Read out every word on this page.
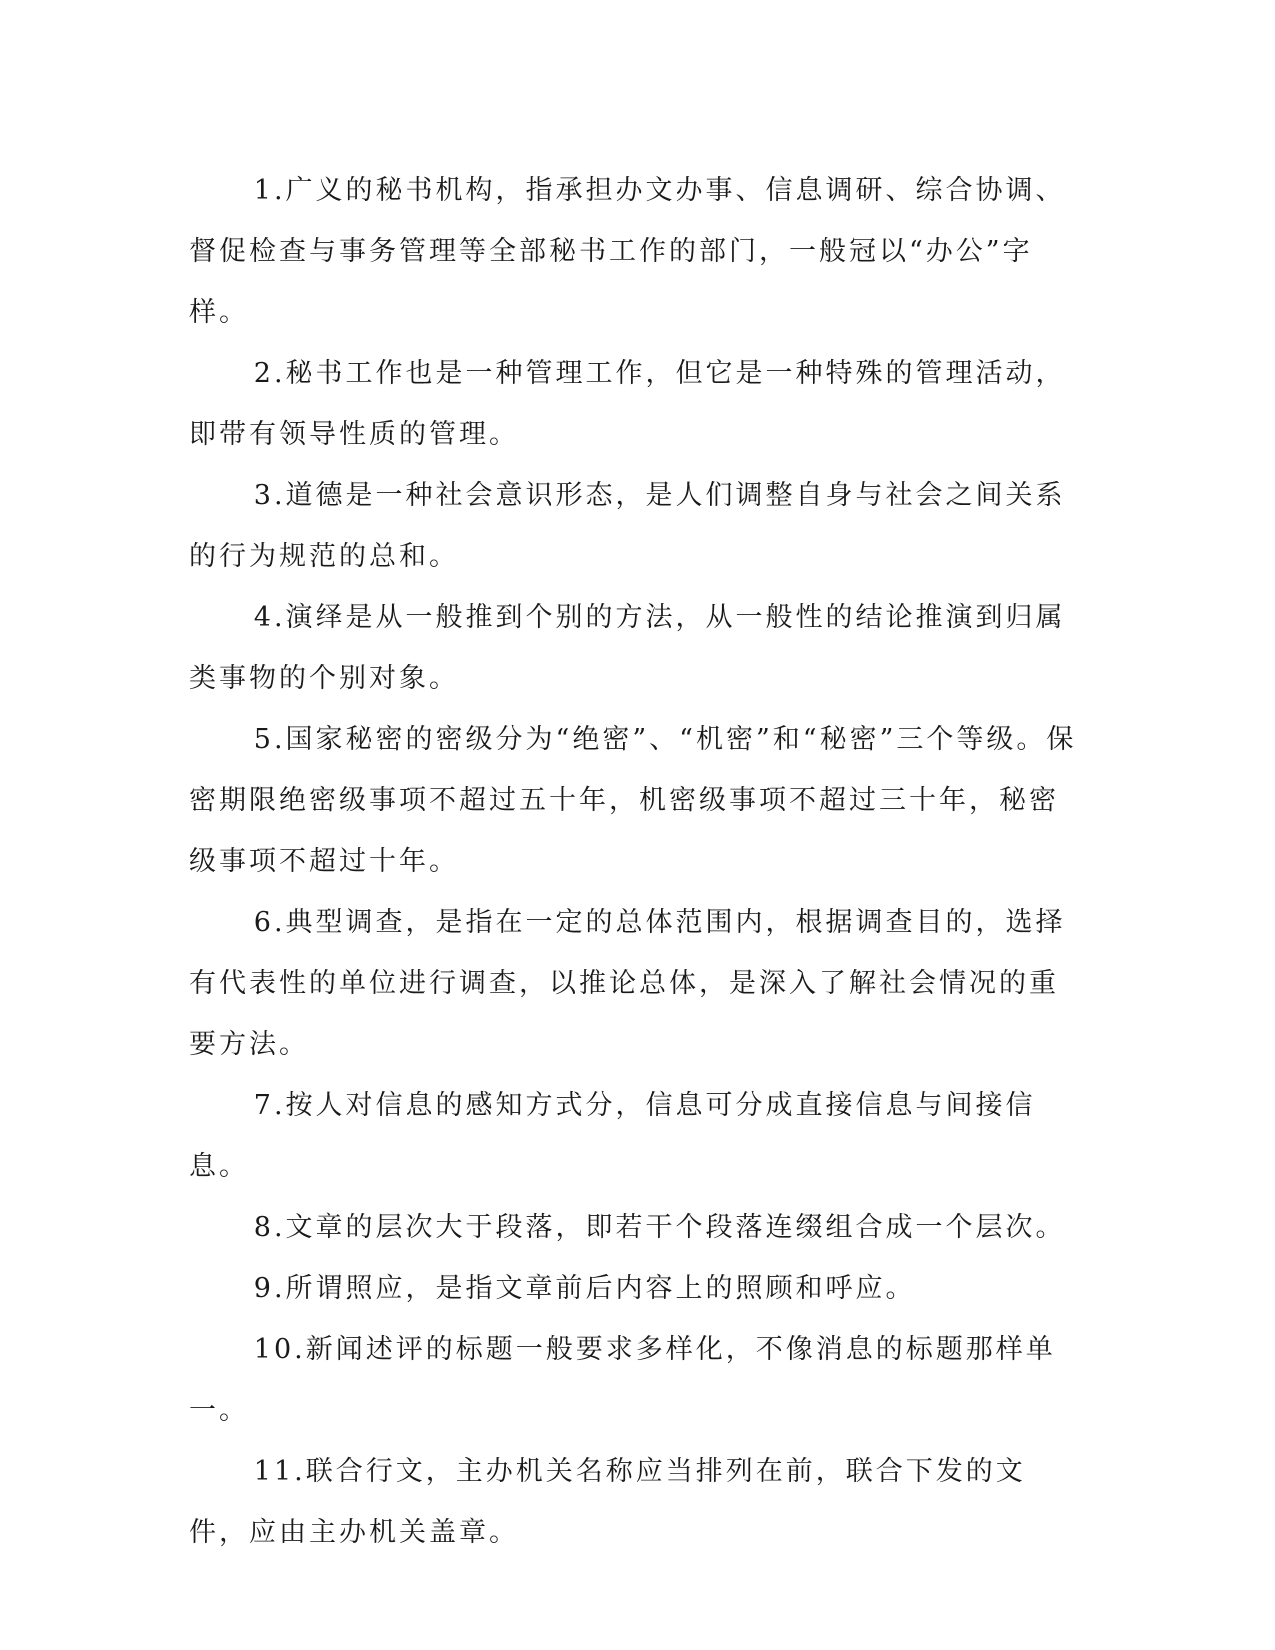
1.广义的秘书机构，指承担办文办事、信息调研、综合协调、督促检查与事务管理等全部秘书工作的部门，一般冠以“办公”字样。

2.秘书工作也是一种管理工作，但它是一种特殊的管理活动，即带有领导性质的管理。

3.道德是一种社会意识形态，是人们调整自身与社会之间关系的行为规范的总和。

4.演绎是从一般推到个别的方法，从一般性的结论推演到归属类事物的个别对象。

5.国家秘密的密级分为“绝密”、“机密”和“秘密”三个等级。保密期限绝密级事项不超过五十年，机密级事项不超过三十年，秘密级事项不超过十年。

6.典型调查，是指在一定的总体范围内，根据调查目的，选择有代表性的单位进行调查，以推论总体，是深入了解社会情况的重要方法。

7.按人对信息的感知方式分，信息可分成直接信息与间接信息。

8.文章的层次大于段落，即若干个段落连缀组合成一个层次。

9.所谓照应，是指文章前后内容上的照顾和呼应。

10.新闻述评的标题一般要求多样化，不像消息的标题那样单一。

11.联合行文，主办机关名称应当排列在前，联合下发的文件，应由主办机关盖章。
